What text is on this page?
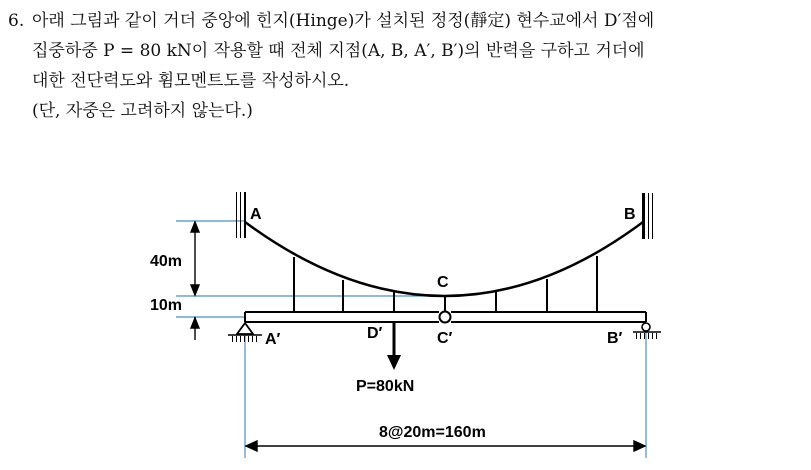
6. 아래 그림과 같이 거더 중앙에 힌지(Hinge)가 설치된 정정(靜定) 현수교에서 D′점에
집중하중 P = 80 kN이 작용할 때 전체 지점(A, B, A′, B′)의 반력을 구하고 거더에
대한 전단력도와 휨모멘트도를 작성하시오.
(단, 자중은 고려하지 않는다.)
A	B
C
A′	D′	C′	B′
40m
10m
P=80kN
8@20m=160m
